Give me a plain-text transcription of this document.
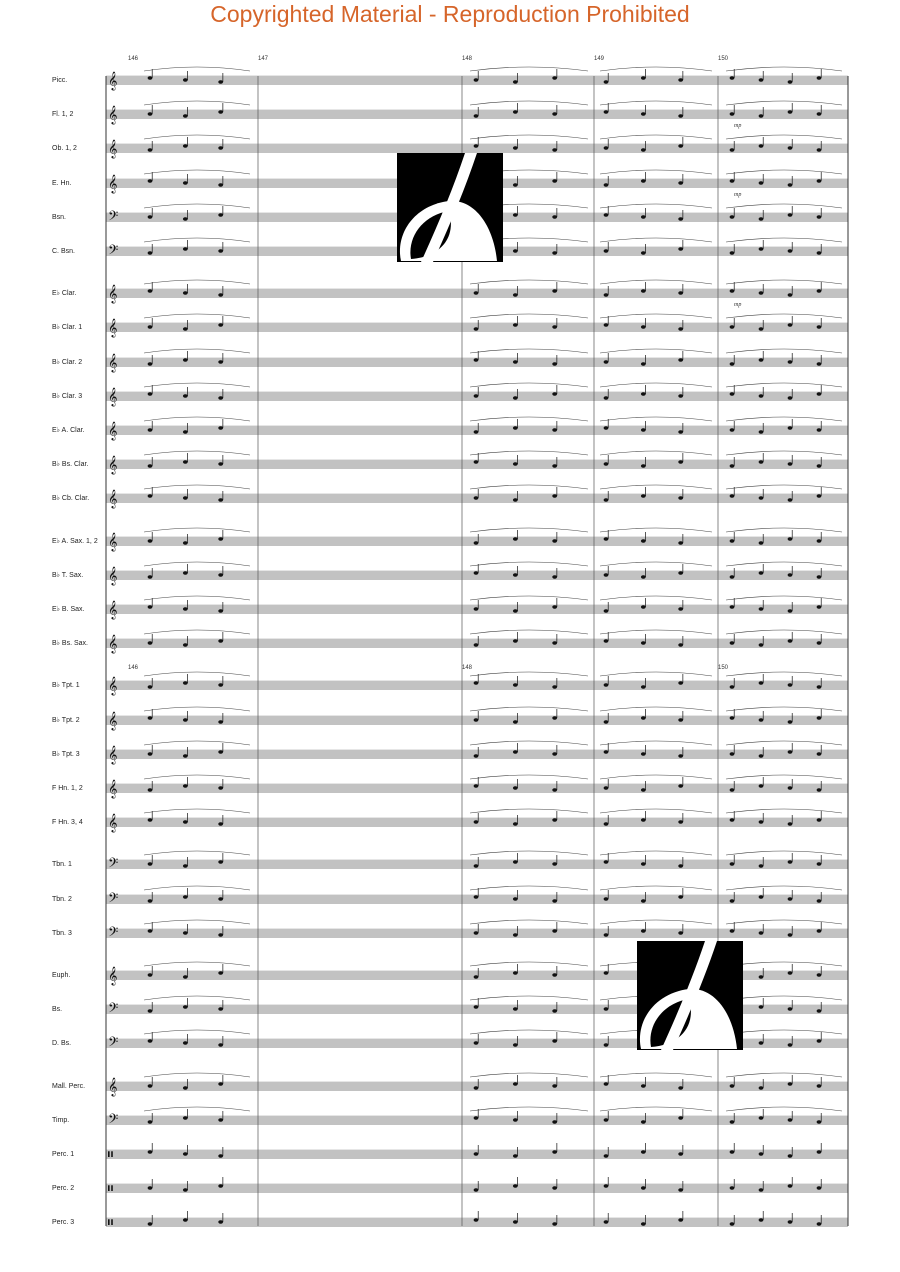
Copyrighted Material - Reproduction Prohibited
Picc.	𝄞
Fl. 1, 2 𝄞
mp
Ob. 1, 2 𝄞
E. Hn. 𝄞
mp
Bsn.	𝄢
C. Bsn. 𝄢
E♭ Clar. 𝄞
mp
B♭ Clar. 1 𝄞
B♭ Clar. 2 𝄞
B♭ Clar. 3 𝄞
E♭ A. Clar. 𝄞
B♭ Bs. Clar. 𝄞
B♭ Cb. Clar. 𝄞
E♭ A. Sax. 1, 2 𝄞
B♭ T. Sax. 𝄞
E♭ B. Sax. 𝄞
B♭ Bs. Sax. 𝄞
B♭ Tpt. 1 𝄞
B♭ Tpt. 2 𝄞
B♭ Tpt. 3 𝄞
F Hn. 1, 2 𝄞
F Hn. 3, 4 𝄞
Tbn. 1 𝄢
Tbn. 2 𝄢
Tbn. 3 𝄢
Euph. 𝄞
Bs.	𝄢
D. Bs. 𝄢
Mall. Perc. 𝄞
Timp. 𝄢
Perc. 1 𝄥
Perc. 2 𝄥
Perc. 3 𝄥
146	147	148	149	150
146	148	150
